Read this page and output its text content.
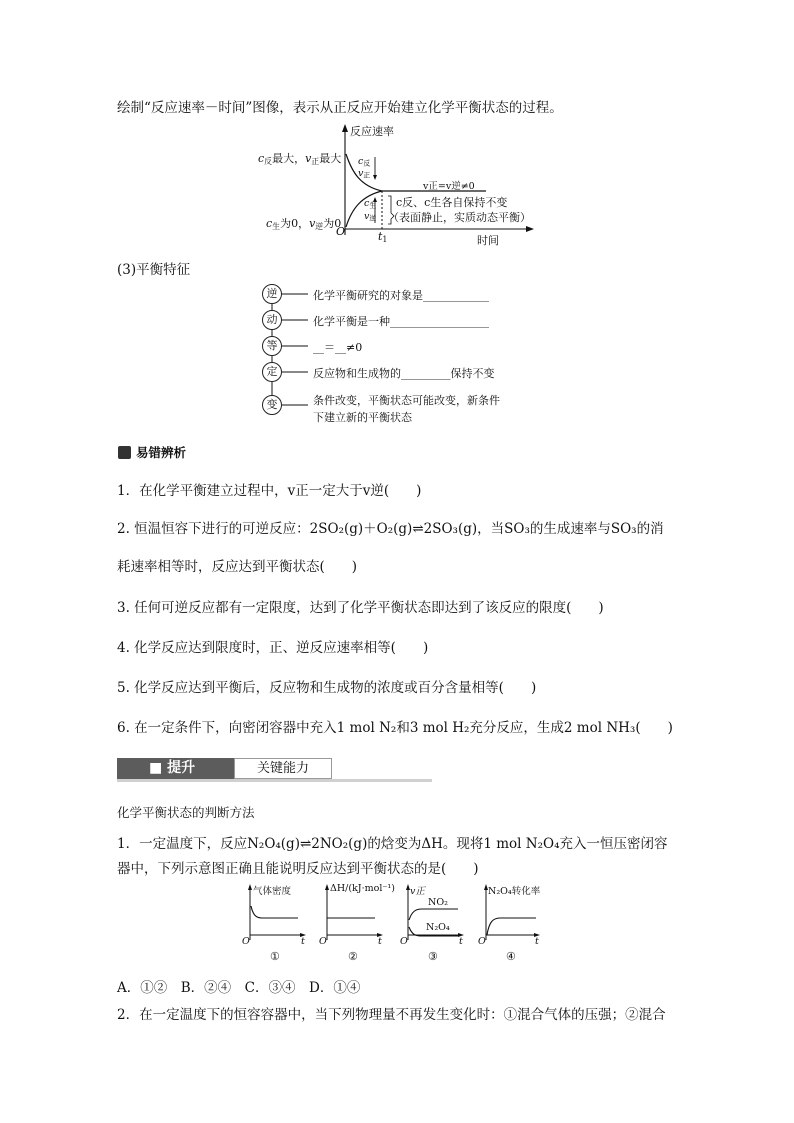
绘制“反应速率－时间”图像，表示从正反应开始建立化学平衡状态的过程。
反应速率
$c_反$最大，$v_正$最大
$c_生$为0，$v_逆$为0
O	$t_1$	时间
$c_反$
$v_正$
$c_生$
$v_逆$
v正=v逆≠0
c反、c生各自保持不变
（表面静止，实质动态平衡）
(3)平衡特征
逆
动
等
定
变
化学平衡研究的对象是____________
化学平衡是一种__________________
__＝__≠0
反应物和生成物的_________保持不变
条件改变，平衡状态可能改变，新条件
下建立新的平衡状态
易错辨析
1．在化学平衡建立过程中，v正一定大于v逆(　　)
2. 恒温恒容下进行的可逆反应：2SO₂(g)＋O₂(g)⇌2SO₃(g)，当SO₃的生成速率与SO₃的消
耗速率相等时，反应达到平衡状态(　　)
3. 任何可逆反应都有一定限度，达到了化学平衡状态即达到了该反应的限度(　　)
4. 化学反应达到限度时，正、逆反应速率相等(　　)
5. 化学反应达到平衡后，反应物和生成物的浓度或百分含量相等(　　)
6. 在一定条件下，向密闭容器中充入1 mol N₂和3 mol H₂充分反应，生成2 mol NH₃(　　)
■ 提升	关键能力
化学平衡状态的判断方法
1．一定温度下，反应N₂O₄(g)⇌2NO₂(g)的焓变为ΔH。现将1 mol N₂O₄充入一恒压密闭容
器中，下列示意图正确且能说明反应达到平衡状态的是(　　)
气体密度	ΔH/(kJ·mol⁻¹) v正	N₂O₄转化率
NO₂
N₂O₄
O	t O	t O	t O	t
①	②	③	④
A．①②　B．②④　C．③④　D．①④
2．在一定温度下的恒容容器中，当下列物理量不再发生变化时：①混合气体的压强；②混合
